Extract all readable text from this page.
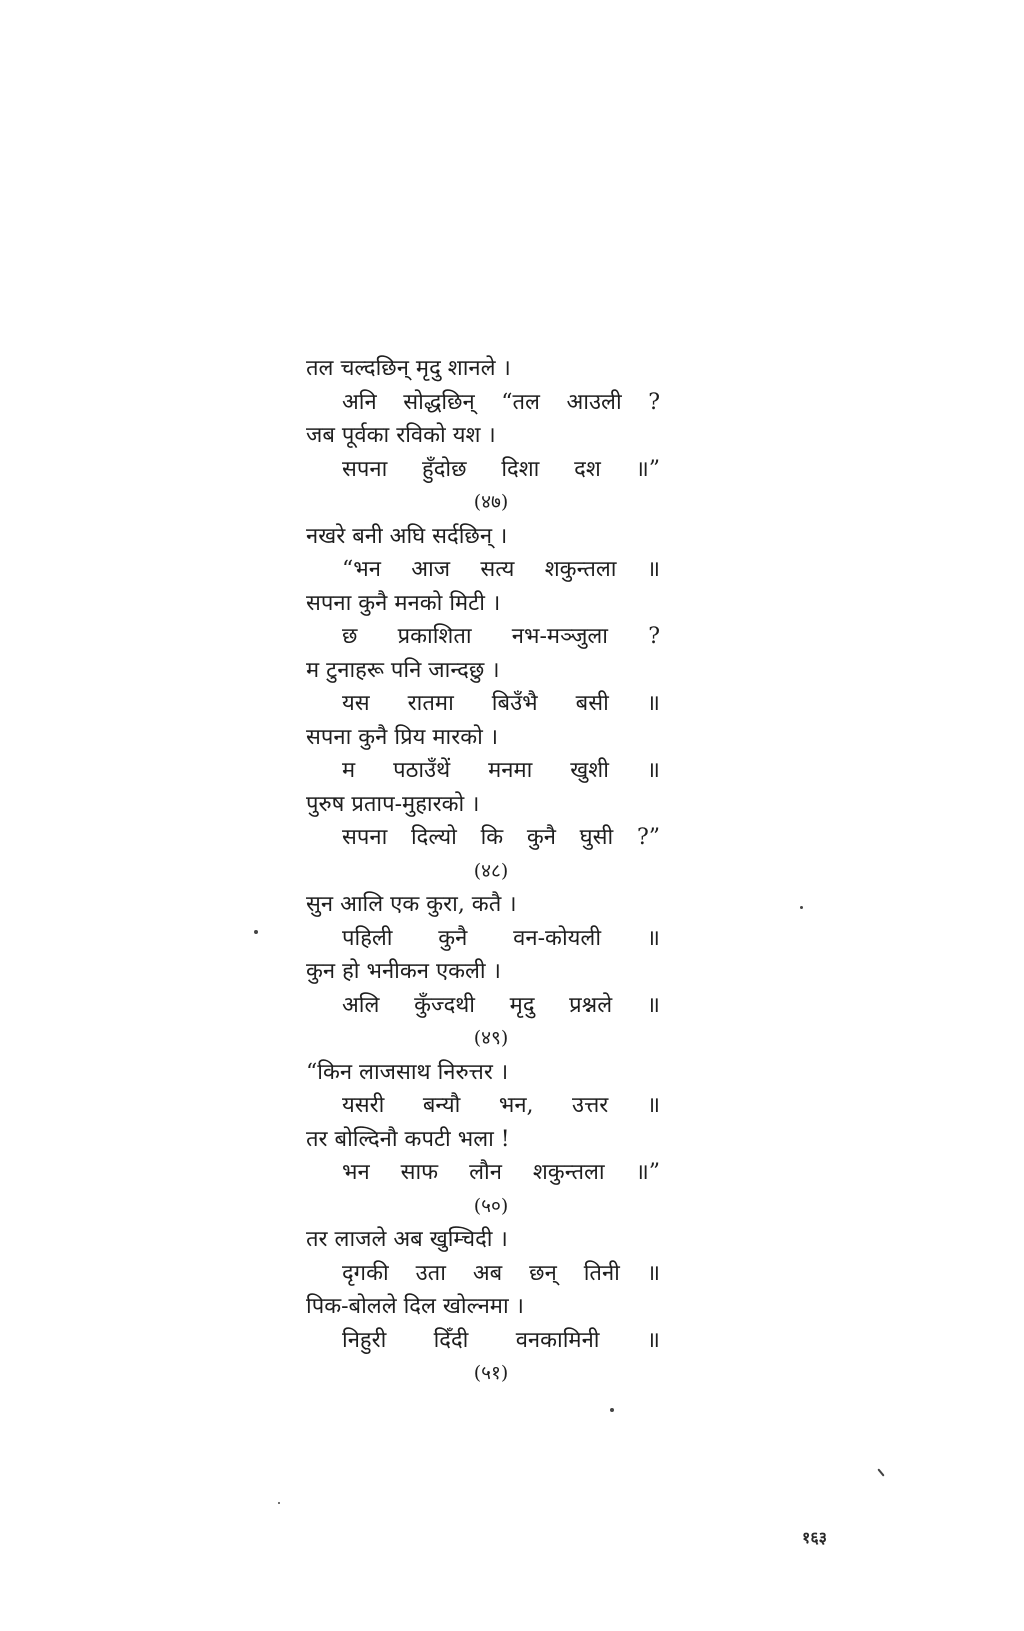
तल चल्दछिन् मृदु शानले ।
अनि सोद्धछिन् “तल आउली ?
जब पूर्वका रविको यश ।
सपना हुँदोछ दिशा दश ॥”
(४७)
नखरे बनी अघि सर्दछिन् ।
“भन आज सत्य शकुन्तला ॥
सपना कुनै मनको मिटी ।
छ प्रकाशिता नभ-मञ्जुला ?
म टुनाहरू पनि जान्दछु ।
यस रातमा बिउँभै बसी ॥
सपना कुनै प्रिय मारको ।
म पठाउँथें मनमा खुशी ॥
पुरुष प्रताप-मुहारको ।
सपना दिल्यो कि कुनै घुसी ?”
(४८)
सुन आलि एक कुरा, कतै ।
पहिली कुनै वन-कोयली ॥
कुन हो भनीकन एकली ।
अलि कुँज्दथी मृदु प्रश्नले ॥
(४९)
“किन लाजसाथ निरुत्तर ।
यसरी बन्यौ भन, उत्तर ॥
तर बोल्दिनौ कपटी भला !
भन साफ लौन शकुन्तला ॥”
(५०)
तर लाजले अब खुम्चिदी ।
दृगकी उता अब छन् तिनी ॥
पिक-बोलले दिल खोल्नमा ।
निहुरी दिँदी वनकामिनी ॥
(५१)
१६३
